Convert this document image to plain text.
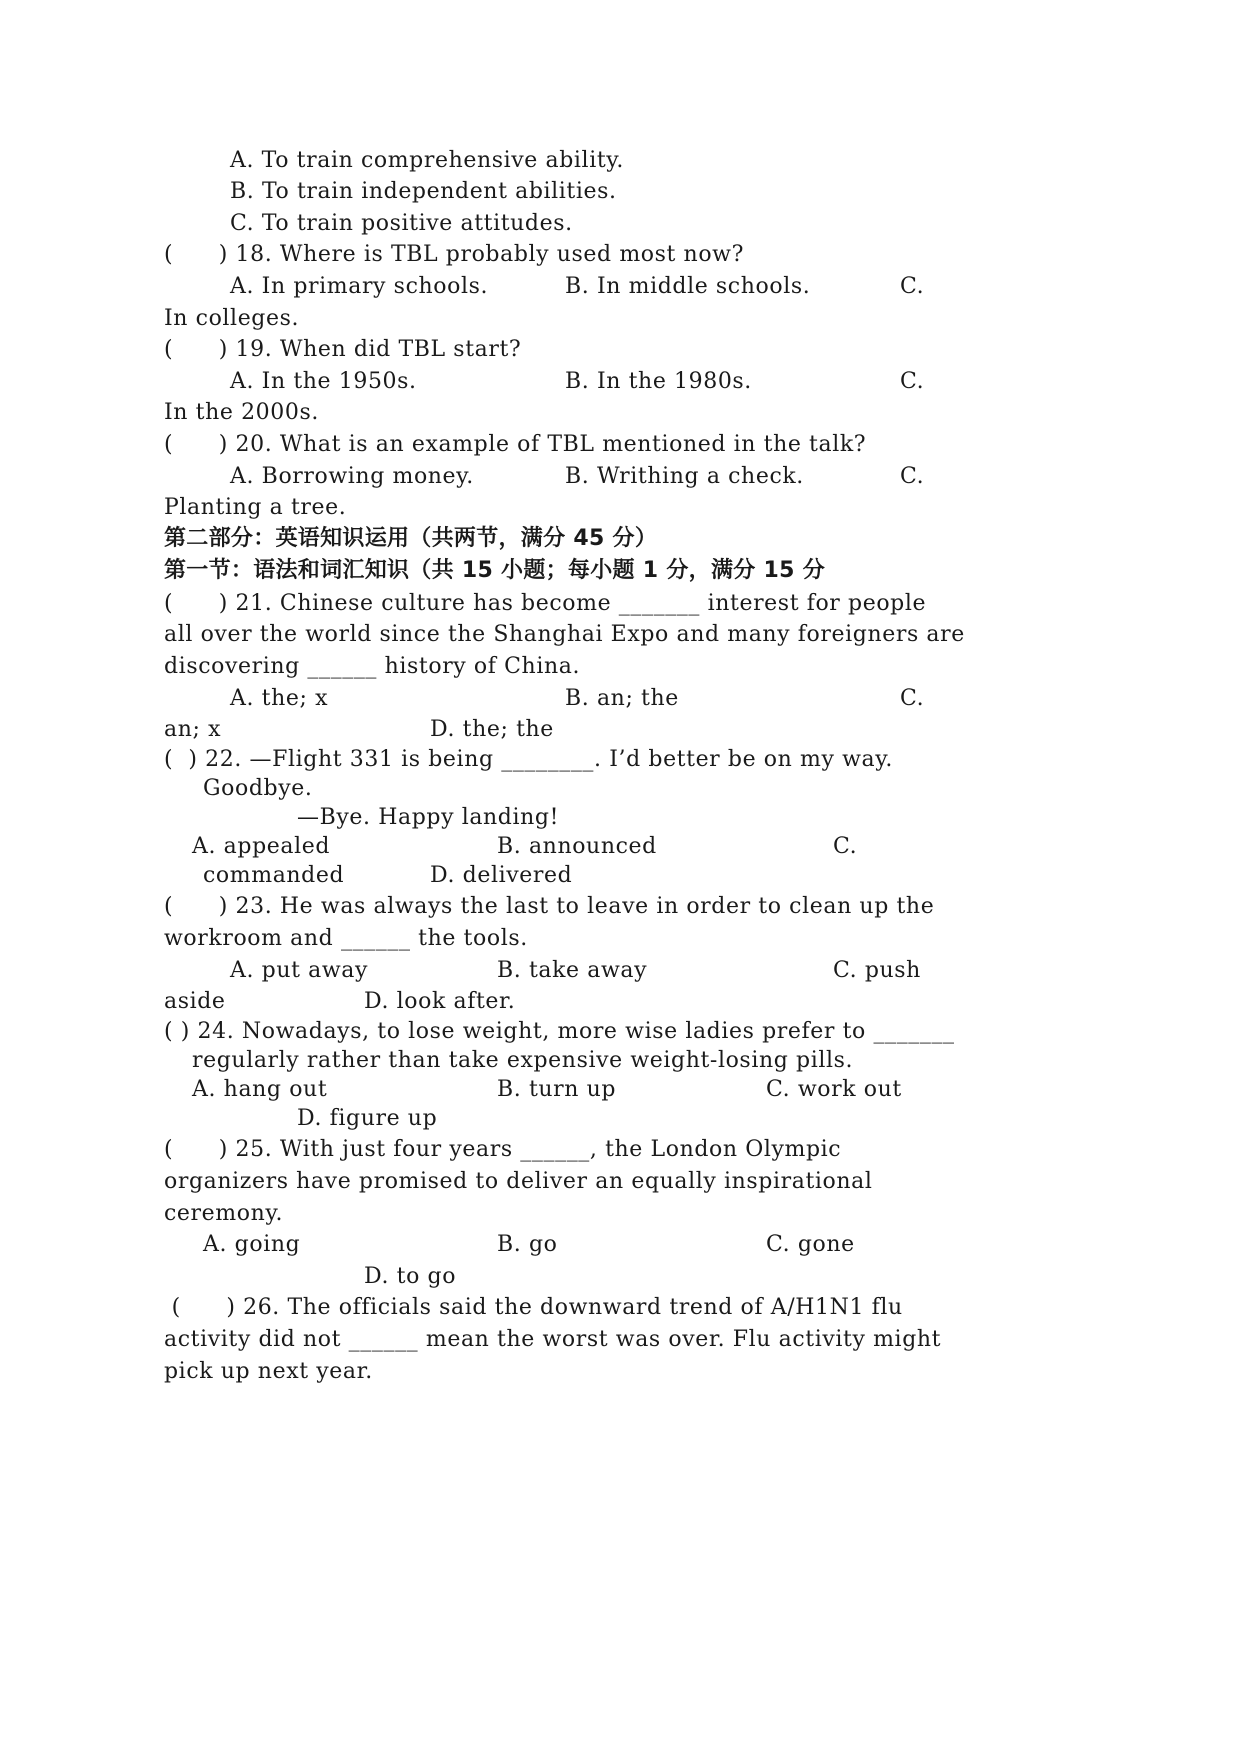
A. To train comprehensive ability.
B. To train independent abilities.
C. To train positive attitudes.
(      ) 18. Where is TBL probably used most now?
A. In primary schools.	B. In middle schools.	C.
In colleges.
(      ) 19. When did TBL start?
A. In the 1950s.	B. In the 1980s.	C.
In the 2000s.
(      ) 20. What is an example of TBL mentioned in the talk?
A. Borrowing money.	B. Writhing a check.	C.
Planting a tree.
第二部分：英语知识运用（共两节，满分 45 分）
第一节：语法和词汇知识（共 15 小题；每小题 1 分，满分 15 分
(      ) 21. Chinese culture has become _______ interest for people
all over the world since the Shanghai Expo and many foreigners are
discovering ______ history of China.
A. the; x	B. an; the	C.
an; x	D. the; the
(  ) 22. —Flight 331 is being ________. I’d better be on my way.
Goodbye.
—Bye. Happy landing!
A. appealed	B. announced	C.
commanded	D. delivered
(      ) 23. He was always the last to leave in order to clean up the
workroom and ______ the tools.
A. put away	B. take away	C. push
aside	D. look after.
( ) 24. Nowadays, to lose weight, more wise ladies prefer to _______
regularly rather than take expensive weight-losing pills.
A. hang out	B. turn up	C. work out
D. figure up
(      ) 25. With just four years ______, the London Olympic
organizers have promised to deliver an equally inspirational
ceremony.
A. going	B. go	C. gone
D. to go
(      ) 26. The officials said the downward trend of A/H1N1 flu
activity did not ______ mean the worst was over. Flu activity might
pick up next year.
